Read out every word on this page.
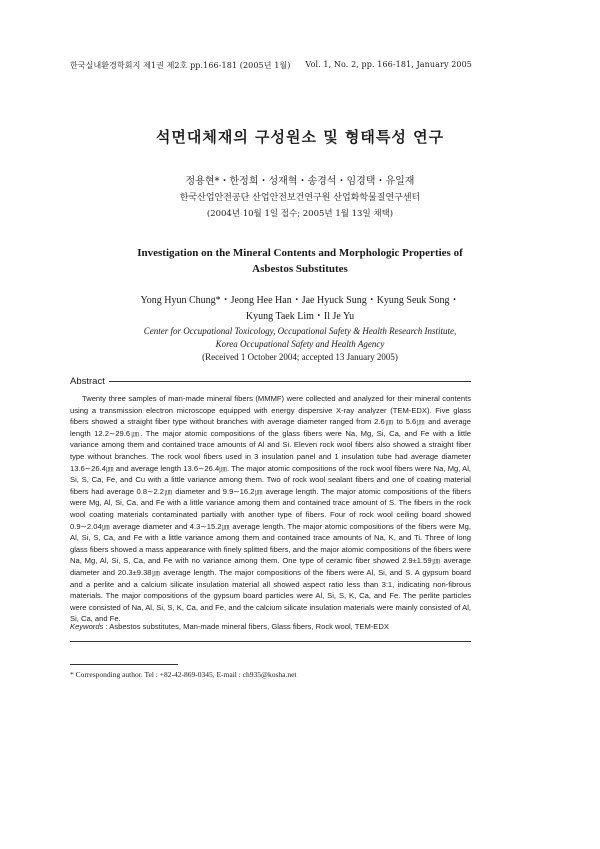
한국실내환경학회지 제1권 제2호 pp.166-181 (2005년 1월) Vol. 1, No. 2, pp. 166-181, January 2005
석면대체재의 구성원소 및 형태특성 연구
정용현*・한정희・성재혁・송경석・임경택・유일재
한국산업안전공단 산업안전보건연구원 산업화학물질연구센터
(2004년 10월 1일 접수; 2005년 1월 13일 채택)
Investigation on the Mineral Contents and Morphologic Properties of
Asbestos Substitutes
Yong Hyun Chung*・Jeong Hee Han・Jae Hyuck Sung・Kyung Seuk Song・
Kyung Taek Lim・Il Je Yu
Center for Occupational Toxicology, Occupational Safety & Health Research Institute,
Korea Occupational Safety and Health Agency
(Received 1 October 2004; accepted 13 January 2005)
Abstract
Twenty three samples of man-made mineral fibers (MMMF) were collected and analyzed for their mineral contents using a transmission electron microscope equipped with energy dispersive X-ray analyzer (TEM-EDX). Five glass fibers showed a straight fiber type without branches with average diameter ranged from 2.6㎛ to 5.6㎛ and average length 12.2∼29.6㎛. The major atomic compositions of the glass fibers were Na, Mg, Si, Ca, and Fe with a little variance among them and contained trace amounts of Al and Si. Eleven rock wool fibers also showed a straight fiber type without branches. The rock wool fibers used in 3 insulation panel and 1 insulation tube had average diameter 13.6∼26.4㎛ and average length 13.6∼26.4㎛. The major atomic compositions of the rock wool fibers were Na, Mg, Al, Si, S, Ca, Fe, and Cu with a little variance among them. Two of rock wool sealant fibers and one of coating material fibers had average 0.8∼2.2㎛ diameter and 9.9∼16.2㎛ average length. The major atomic compositions of the fibers were Mg, Al, Si, Ca, and Fe with a little variance among them and contained trace amount of S. The fibers in the rock wool coating materials contaminated partially with another type of fibers. Four of rock wool ceiling board showed 0.9∼2.04㎛ average diameter and 4.3∼15.2㎛ average length. The major atomic compositions of the fibers were Mg, Al, Si, S, Ca, and Fe with a little variance among them and contained trace amounts of Na, K, and Ti. Three of long glass fibers showed a mass appearance with finely splitted fibers, and the major atomic compositions of the fibers were Na, Mg, Al, Si, S, Ca, and Fe with no variance among them. One type of ceramic fiber showed 2.9±1.59㎛ average diameter and 20.3±9.38㎛ average length. The major compositions of the fibers were Al, Si, and S. A gypsum board and a perlite and a calcium silicate insulation material all showed aspect ratio less than 3:1, indicating non-fibrous materials. The major compositions of the gypsum board particles were Al, Si, S, K, Ca, and Fe. The perlite particles were consisted of Na, Al, Si, S, K, Ca, and Fe, and the calcium silicate insulation materials were mainly consisted of Al, Si, Ca, and Fe.
Keywords : Asbestos substitutes, Man-made mineral fibers, Glass fibers, Rock wool, TEM-EDX
* Corresponding author. Tel : +82-42-869-0345, E-mail : ch935@kosha.net
